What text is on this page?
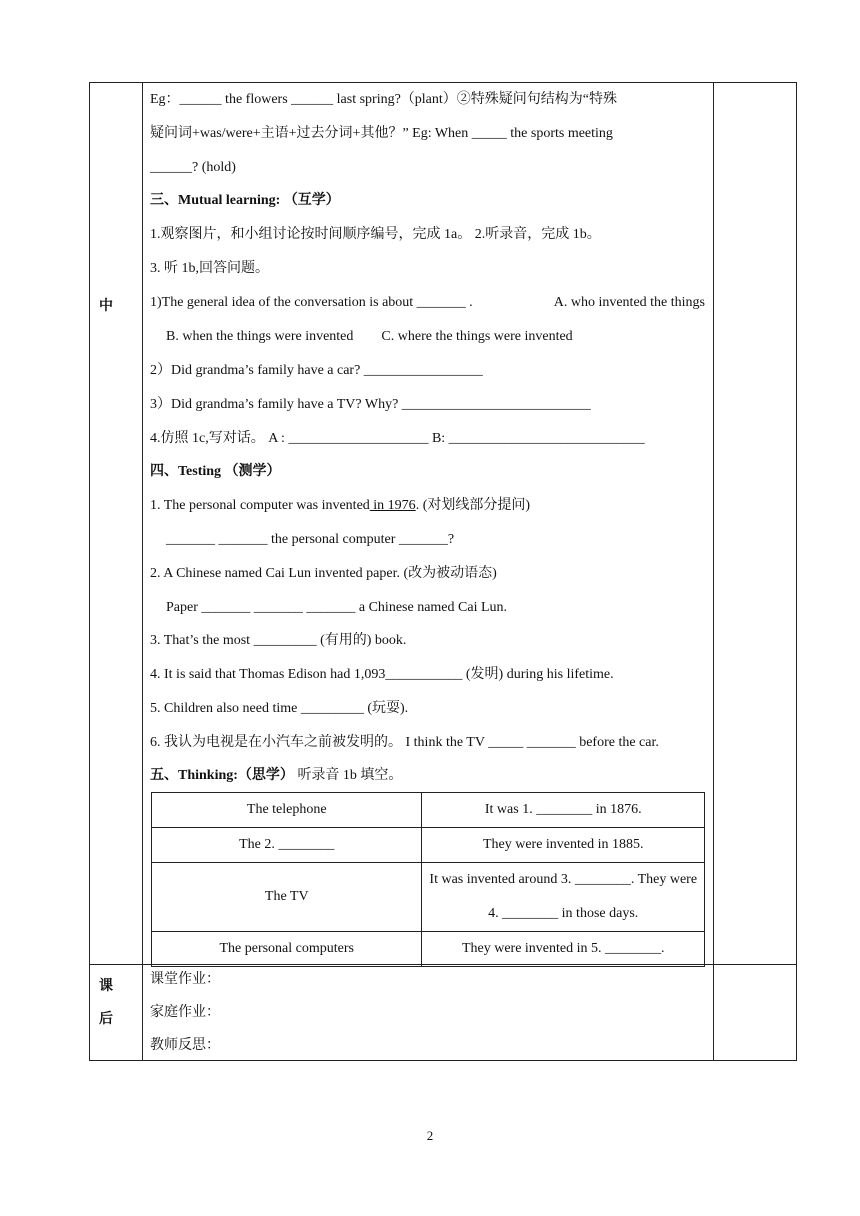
中
课
后
Eg：______ the flowers ______ last spring?（plant）②特殊疑问句结构为“特殊
疑问词+was/were+主语+过去分词+其他？” Eg: When _____ the sports meeting
______? (hold)
三、Mutual learning: （互学）
1.观察图片，和小组讨论按时间顺序编号，完成 1a。 2.听录音，完成 1b。
3. 听 1b,回答问题。
1)The general idea of the conversation is about _______ .	A. who invented the things
B. when the things were invented        C. where the things were invented
2）Did grandma’s family have a car? _________________
3）Did grandma’s family have a TV? Why? ___________________________
4.仿照 1c,写对话。 A : ____________________ B: ____________________________
四、Testing （测学）
1. The personal computer was invented in 1976. (对划线部分提问)
_______ _______ the personal computer _______?
2. A Chinese named Cai Lun invented paper. (改为被动语态)
Paper _______ _______ _______ a Chinese named Cai Lun.
3. That’s the most _________ (有用的) book.
4. It is said that Thomas Edison had 1,093___________ (发明) during his lifetime.
5. Children also need time _________ (玩耍).
6. 我认为电视是在小汽车之前被发明的。 I think the TV _____ _______ before the car.
五、Thinking:（思学） 听录音 1b 填空。
The telephone	It was 1. ________ in 1876.
The 2. ________	They were invented in 1885.
The TV	It was invented around 3. ________. They were 4. ________ in those days.
The personal computers	They were invented in 5. ________.
课堂作业：
家庭作业：
教师反思：
2
